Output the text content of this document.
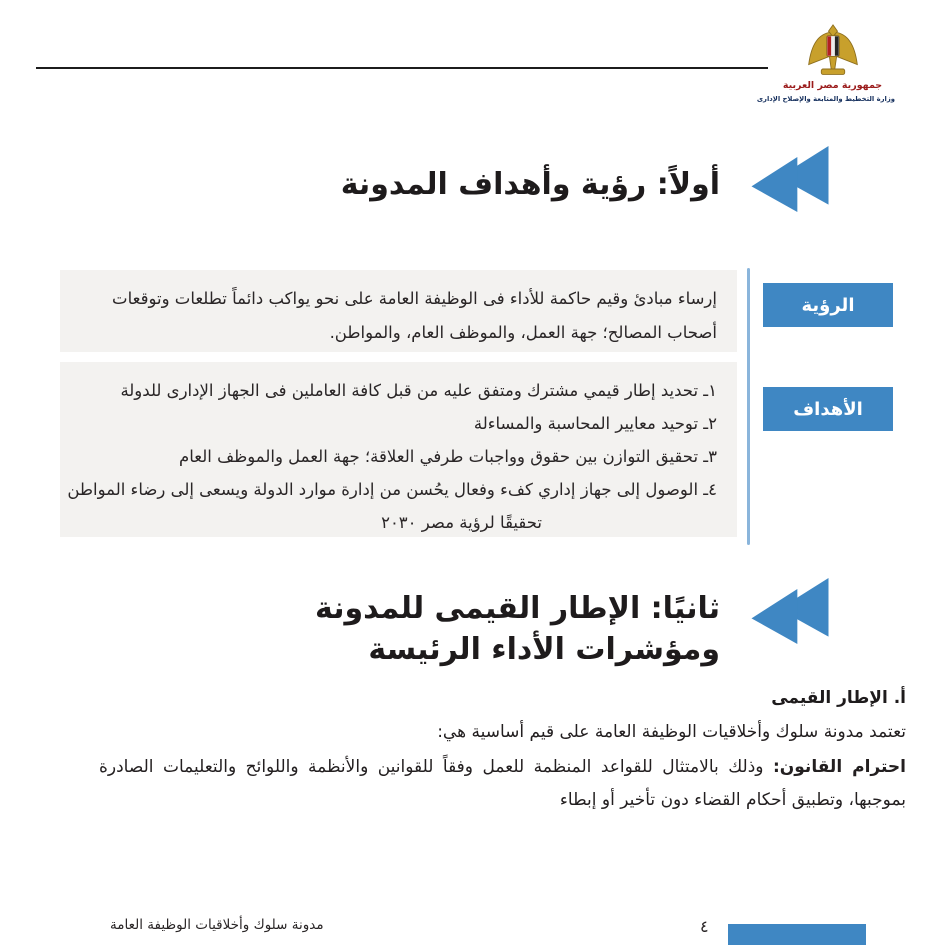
جمهورية مصر العربية
وزارة التخطيط والمتابعة والإصلاح الإدارى
أولاً: رؤية وأهداف المدونة
إرساء مبادئ وقيم حاكمة للأداء فى الوظيفة العامة على نحو يواكب دائماً تطلعات وتوقعات
أصحاب المصالح؛ جهة العمل، والموظف العام، والمواطن.
الرؤية
١ـ تحديد إطار قيمي مشترك ومتفق عليه من قبل كافة العاملين فى الجهاز الإدارى للدولة
٢ـ توحيد معايير المحاسبة والمساءلة
٣ـ تحقيق التوازن بين حقوق وواجبات طرفي العلاقة؛ جهة العمل والموظف العام
٤ـ الوصول إلى جهاز إداري كفء وفعال يحُسن من إدارة موارد الدولة ويسعى إلى رضاء المواطن
تحقيقًا لرؤية مصر ٢٠٣٠
الأهداف
ثانيًا: الإطار القيمى للمدونة
ومؤشرات الأداء الرئيسة

أ. الإطار القيمى

تعتمد مدونة سلوك وأخلاقيات الوظيفة العامة على قيم أساسية هي:

احترام القانون: وذلك بالامتثال للقواعد المنظمة للعمل وفقاً للقوانين والأنظمة واللوائح والتعليمات الصادرة بموجبها، وتطبيق أحكام القضاء دون تأخير أو إبطاء

مدونة سلوك وأخلاقيات الوظيفة العامة	٤
